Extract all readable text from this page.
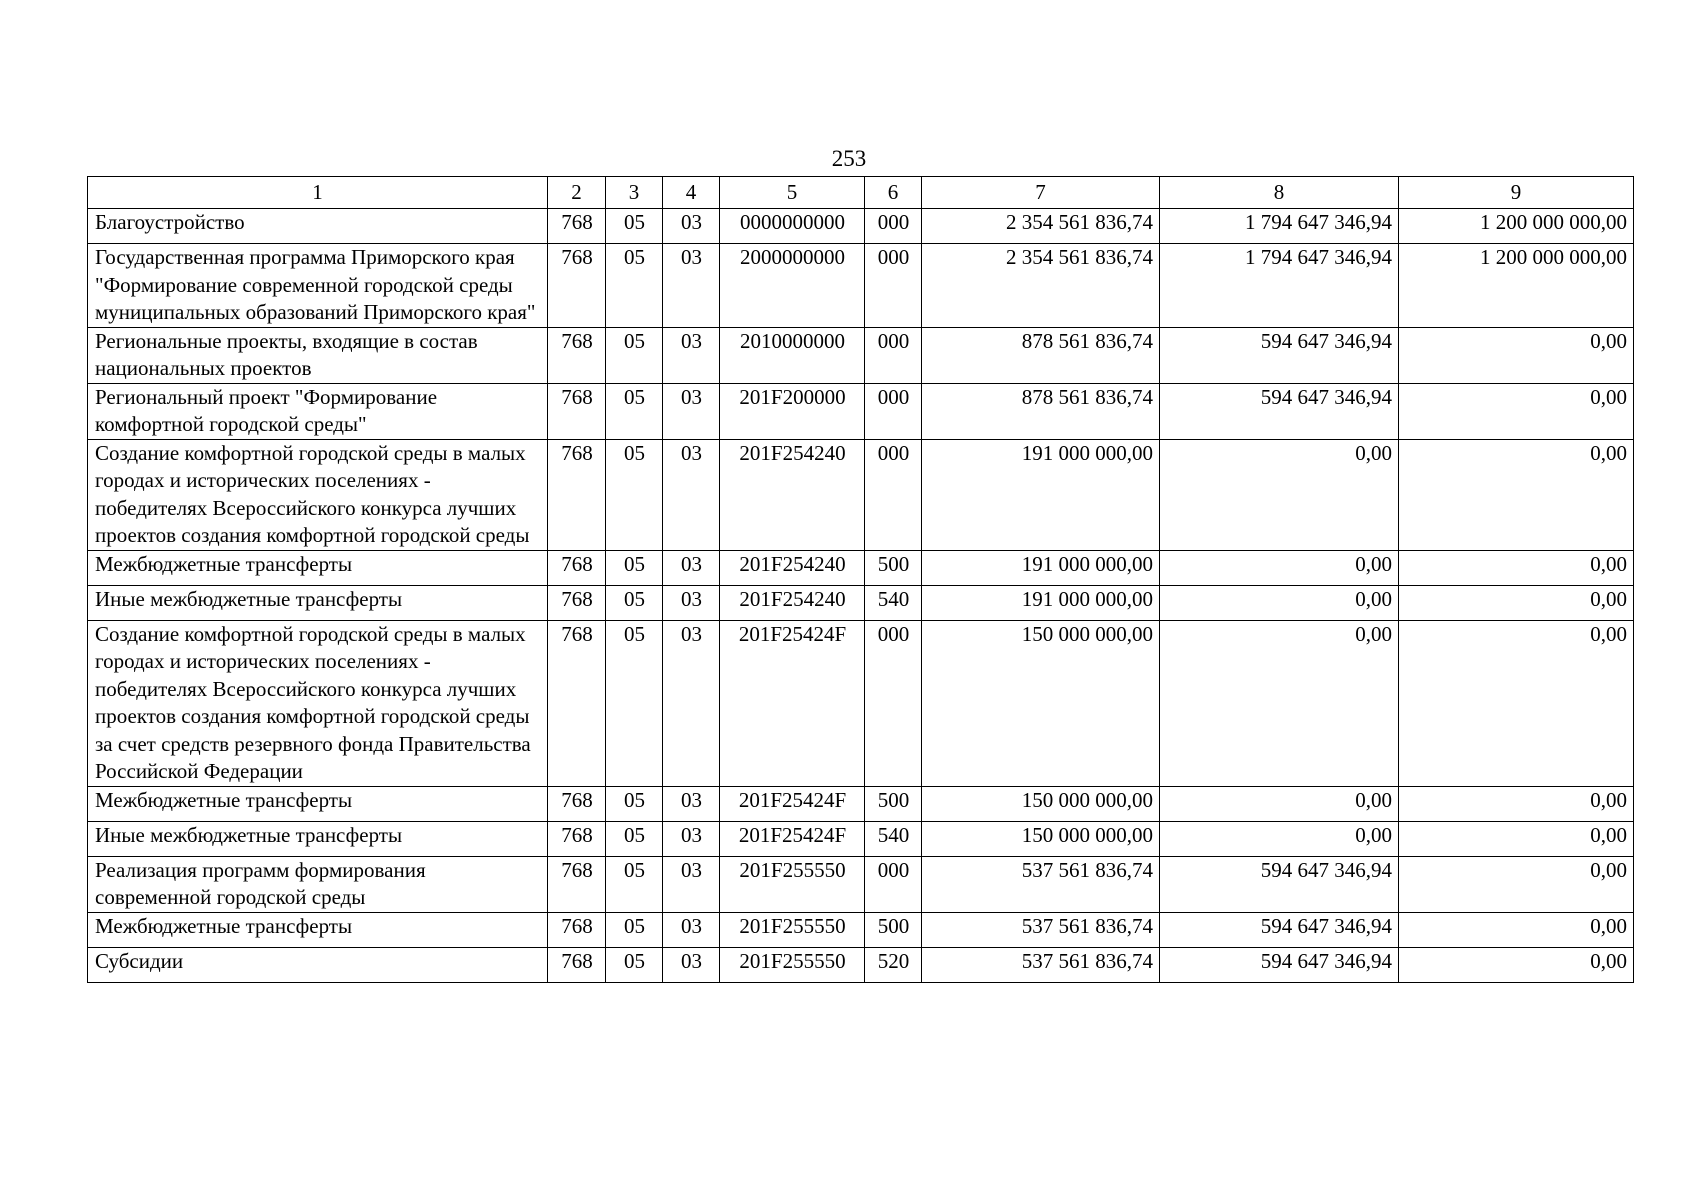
253
1	2	3	4	5	6	7	8	9
Благоустройство	768	05	03	0000000000	000	2 354 561 836,74	1 794 647 346,94	1 200 000 000,00
Государственная программа Приморского края "Формирование современной городской среды муниципальных образований Приморского края"	768	05	03	2000000000	000	2 354 561 836,74	1 794 647 346,94	1 200 000 000,00
Региональные проекты, входящие в состав национальных проектов	768	05	03	2010000000	000	878 561 836,74	594 647 346,94	0,00
Региональный проект "Формирование комфортной городской среды"	768	05	03	201F200000	000	878 561 836,74	594 647 346,94	0,00
Создание комфортной городской среды в малых городах и исторических поселениях - победителях Всероссийского конкурса лучших проектов создания комфортной городской среды	768	05	03	201F254240	000	191 000 000,00	0,00	0,00
Межбюджетные трансферты	768	05	03	201F254240	500	191 000 000,00	0,00	0,00
Иные межбюджетные трансферты	768	05	03	201F254240	540	191 000 000,00	0,00	0,00
Создание комфортной городской среды в малых городах и исторических поселениях - победителях Всероссийского конкурса лучших проектов создания комфортной городской среды за счет средств резервного фонда Правительства Российской Федерации	768	05	03	201F25424F	000	150 000 000,00	0,00	0,00
Межбюджетные трансферты	768	05	03	201F25424F	500	150 000 000,00	0,00	0,00
Иные межбюджетные трансферты	768	05	03	201F25424F	540	150 000 000,00	0,00	0,00
Реализация программ формирования современной городской среды	768	05	03	201F255550	000	537 561 836,74	594 647 346,94	0,00
Межбюджетные трансферты	768	05	03	201F255550	500	537 561 836,74	594 647 346,94	0,00
Субсидии	768	05	03	201F255550	520	537 561 836,74	594 647 346,94	0,00
